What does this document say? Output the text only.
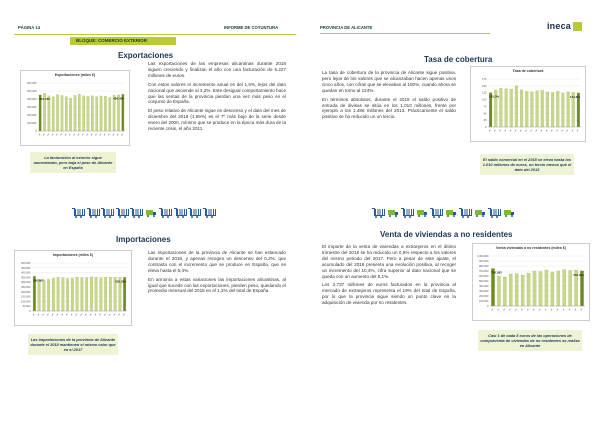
PÁGINA 14	INFORME DE COYUNTURA
BLOQUE: COMERCIO EXTERIOR
Exportaciones
Exportaciones (miles €)
600.000
500.000
400.000
300.000
200.000
100.000
0
▬ ▬ ▬ ▬ ▬ ▬ ▬ ▬ ▬ ▬ ▬ ▬ ▬ ▬ ▬ ▬ ▬ ▬ ▬ ▬
451.470	436.400

Las exportaciones de las empresas alicantinas durante 2018 siguen creciendo y finalizan el año con una facturación de 5.227 millones de euros.

Con estos valores el incremento anual es del 1,5%, lejos del dato nacional que asciende al 3,2%. Este desigual comportamiento hace que las ventas de la provincia pierdan una vez más peso en el conjunto de España.

El peso relativo de Alicante sigue en descenso y el dato del mes de diciembre del 2018 (1,69%) es el 7º más bajo de la serie desde enero del 2000, mínimo que se produce en la época más dura de la reciente crisis, el año 2011.

La facturación al exterior sigue aumentando, pero baja el peso de Alicante en España
Importaciones
Importaciones (miles €)
500.000
450.000
400.000
350.000
300.000
250.000
200.000
150.000
100.000
50.000
0
▬ ▬ ▬ ▬ ▬ ▬ ▬ ▬ ▬ ▬ ▬ ▬ ▬ ▬ ▬ ▬ ▬ ▬ ▬ ▬
360.667	350.285

Las importaciones de la provincia de Alicante se han estancado durante el 2018, y apenas recogen un descenso del 0,2%, que contrasta con el incremento que se produce en España, que se eleva hasta el 5,4%.

En armonía a estas variaciones las importaciones alicantinas, al igual que sucede con las exportaciones, pierden peso, quedando el promedio mensual del 2018 en el 1,3% del total de España.

Las importaciones de la provincia de Alicante durante el 2018 mantienen el mismo valor que en el 2017
PROVINCIA DE ALICANTE	ineca
Tasa de cobertura

La tasa de cobertura de la provincia de Alicante sigue positiva, pero lejos de los valores que se alcanzaban hacen apenas unos cinco años, con cifras que se elevaban al 150%, cuando ahora se quedan en torno al 124%.

En términos absolutos, durante el 2018 el saldo positivo de entrada de divisas se sitúa en los 1.010 millones, frente por ejemplo a los 1.486 millones del 2013. Prácticamente el saldo positivo se ha reducido un un tercio.

Tasa de cobertura
175
150
125
100
75
50
25
0
▬ ▬ ▬ ▬ ▬ ▬ ▬ ▬ ▬ ▬ ▬ ▬ ▬ ▬ ▬ ▬ ▬ ▬
125,3%	124,3%
El saldo comercial en el 2018 se eleva hasta los 1.010 millones de euros, un tercio menos que el dato del 2013
Venta de viviendas a no residentes

El importe de la venta de viviendas a extranjeros en el último trimestre del 2018 se ha reducido un 0,9% respecto a los valores del mismo periodo del 2017. Pero a pesar de este ajuste, el acumulado del 2018 presenta una evolución positiva, al recoger un incremento del 10,4%, cifra superior al dato nacional que se queda con un aumento del 8,1%.

Los 2.737 millones de euros facturados en la provincia al mercado de extranjeros representa el 19% del total de España, por lo que la provincia sigue siendo un punto clave en la adquisición de vivienda por no residentes.

Venta viviendas a no residentes (miles €)
1.000.000
900.000
800.000
700.000
600.000
500.000
400.000
300.000
200.000
100.000
0
▬ ▬ ▬ ▬ ▬ ▬ ▬ ▬ ▬ ▬ ▬ ▬ ▬ ▬ ▬ ▬
750.262
702.351
Casi 1 de cada 5 euros de las operaciones de compraventa de viviendas de no residentes se realiza en Alicante
